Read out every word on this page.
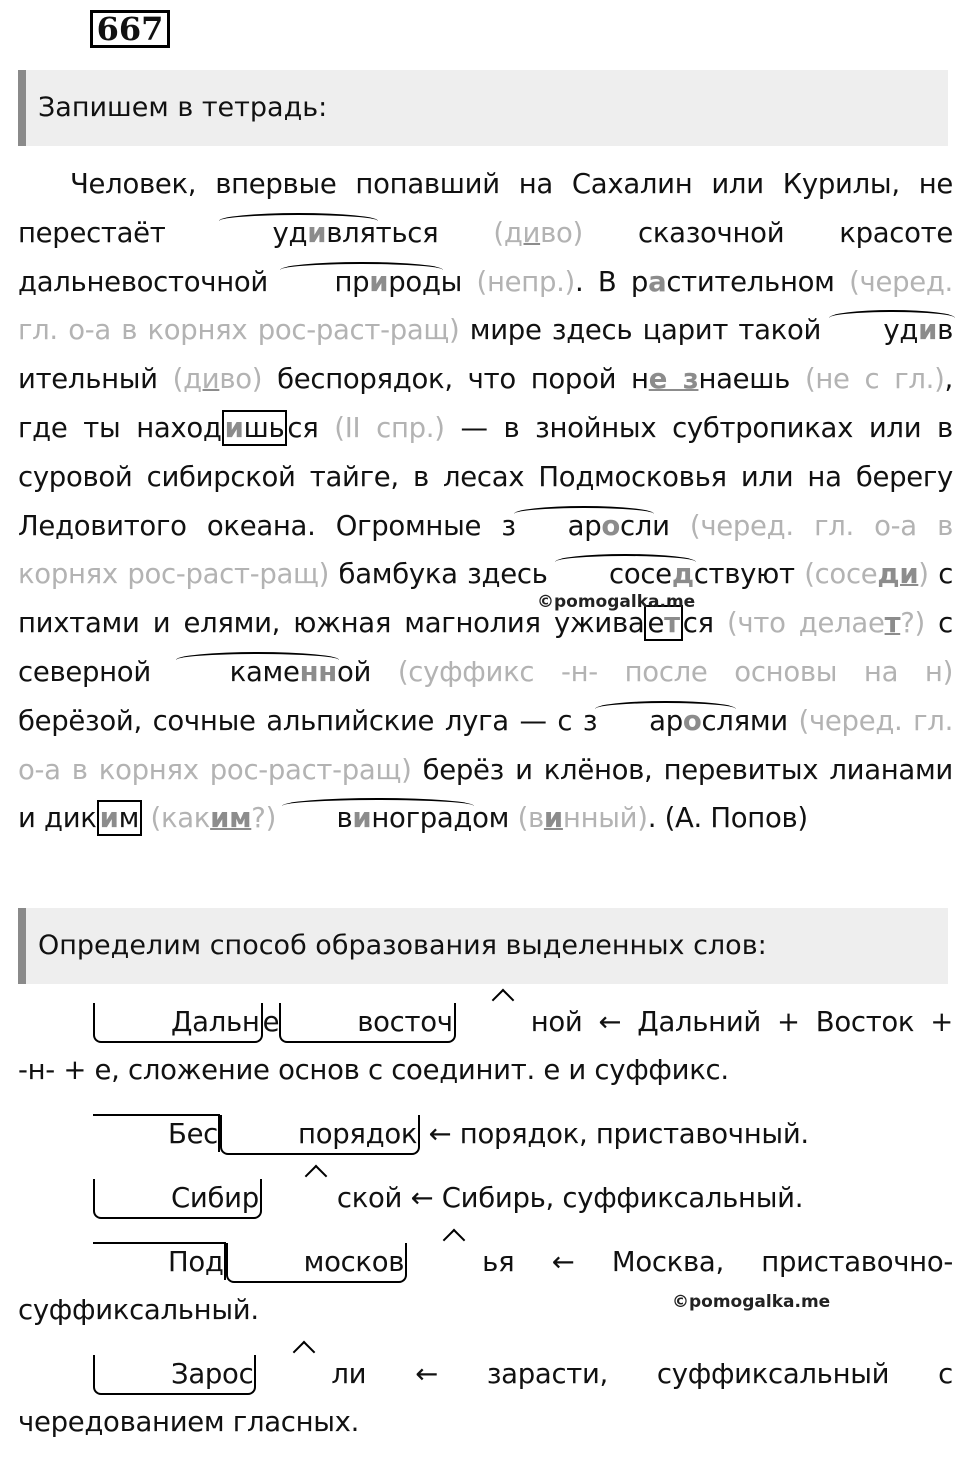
667
Запишем в тетрадь:

Человек, впервые попавший на Сахалин или Курилы, не перестаёт удивляться (диво) сказочной красоте дальневосточной природы (непр.). В растительном (черед. гл. о-а в корнях рос-раст-ращ) мире здесь царит такой удивительный (диво) беспорядок, что порой не знаешь (не с гл.), где ты наход ишь ся (II спр.) — в знойных субтропиках или в суровой сибирской тайге, в лесах Подмосковья или на берегу Ледовитого океана. Огромные з аросли (черед. гл. о-а в корнях рос-раст-ращ) бамбука здесь соседствуют (соседи) с пихтами и елями, южная магнолия ужива ет ся (что делает?) с северной каменной (суффикс -н- после основы на н) берёзой, сочные альпийские луга — с з арослями (черед. гл. о-а в корнях рос-раст-ращ) берёз и клёнов, перевитых лианами и дик им (каким?) виноградом (винный). (А. Попов)

©pomogalka.me
Определим способ образования выделенных слов:

Дальн е	восточ	ной ← Дальний + Восток + -н- + е, сложение основ с соединит. е и суффикс.

Бес	порядок ← порядок, приставочный.

Сибир	ской ← Сибирь, суффиксальный.

Под	москов	ья ← Москва, приставочно-суффиксальный.

Зарос	ли ← зарасти, суффиксальный с чередованием гласных.

©pomogalka.me
